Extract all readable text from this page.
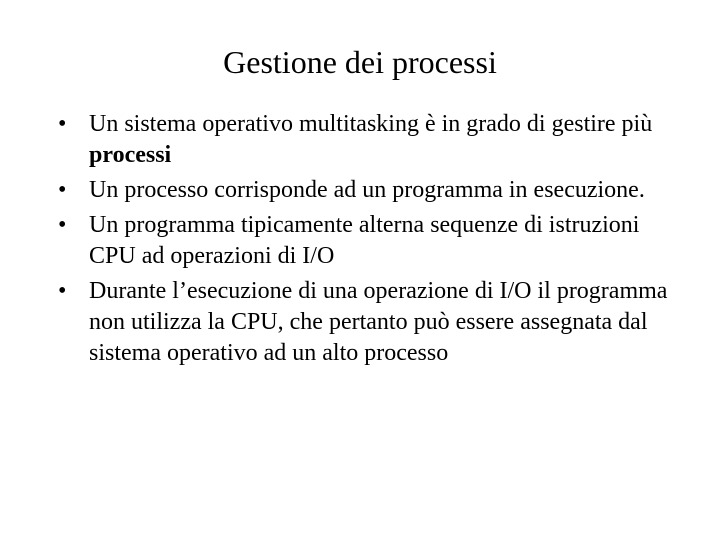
Gestione dei processi
• Un sistema operativo multitasking è in grado di gestire più processi
• Un processo corrisponde ad un programma in esecuzione.
• Un programma tipicamente alterna sequenze di istruzioni CPU ad operazioni di I/O
• Durante l’esecuzione di una operazione di I/O il programma non utilizza la CPU, che pertanto può essere assegnata dal sistema operativo ad un alto processo
